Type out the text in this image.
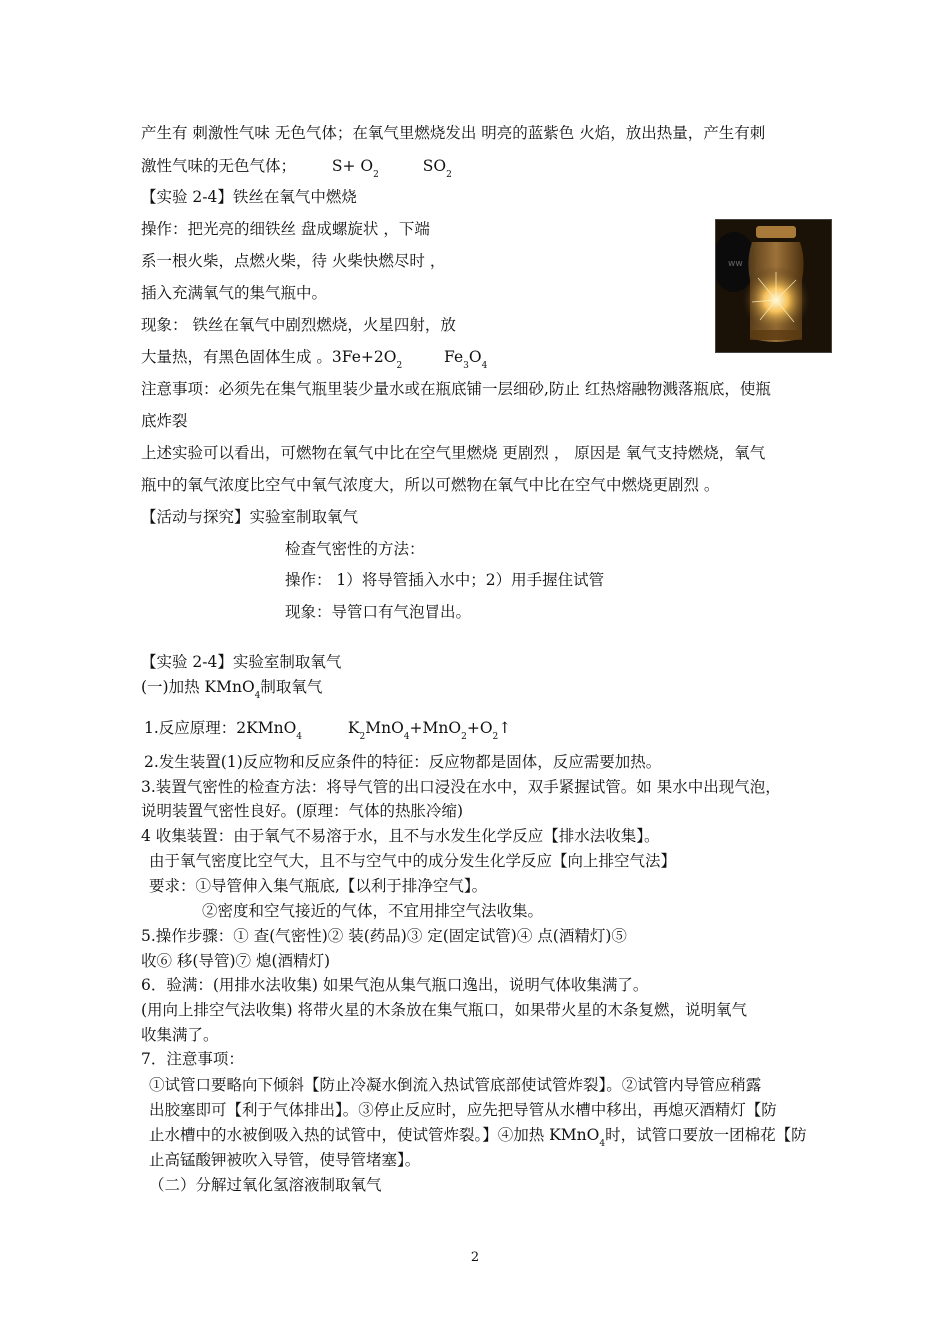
产生有 刺激性气味 无色气体；在氧气里燃烧发出 明亮的蓝紫色 火焰，放出热量，产生有刺
激性气味的无色气体； $S+ O_2$	$SO_2$
【实验 2-4】铁丝在氧气中燃烧
操作：把光亮的细铁丝 盘成螺旋状 ，下端
系一根火柴，点燃火柴，待 火柴快燃尽时 ，
插入充满氧气的集气瓶中。
现象： 铁丝在氧气中剧烈燃烧，火星四射，放
大量热，有黑色固体生成 。$3Fe+2O_2$	$Fe_3O_4$
ww
注意事项：必须先在集气瓶里装少量水或在瓶底铺一层细砂,防止 红热熔融物溅落瓶底，使瓶
底炸裂
上述实验可以看出，可燃物在氧气中比在空气里燃烧 更剧烈 ， 原因是 氧气支持燃烧，氧气
瓶中的氧气浓度比空气中氧气浓度大，所以可燃物在氧气中比在空气中燃烧更剧烈 。
【活动与探究】实验室制取氧气
检查气密性的方法：
操作： 1）将导管插入水中；2）用手握住试管
现象：导管口有气泡冒出。
【实验 2-4】实验室制取氧气
(一)加热 KMnO$_4$制取氧气
1.反应原理：2KMnO$_4$	$K_2MnO_4+MnO_2+O_2↑$
2.发生装置(1)反应物和反应条件的特征：反应物都是固体，反应需要加热。
3.装置气密性的检查方法：将导气管的出口浸没在水中，双手紧握试管。如 果水中出现气泡，
说明装置气密性良好。(原理：气体的热胀冷缩)
4 收集装置：由于氧气不易溶于水，且不与水发生化学反应【排水法收集】。
由于氧气密度比空气大，且不与空气中的成分发生化学反应【向上排空气法】
要求：①导管伸入集气瓶底,【以利于排净空气】。
②密度和空气接近的气体，不宜用排空气法收集。
5.操作步骤：① 查(气密性)② 装(药品)③ 定(固定试管)④ 点(酒精灯)⑤
收⑥ 移(导管)⑦ 熄(酒精灯)
6．验满：(用排水法收集) 如果气泡从集气瓶口逸出，说明气体收集满了。
(用向上排空气法收集) 将带火星的木条放在集气瓶口，如果带火星的木条复燃，说明氧气
收集满了。
7．注意事项：
①试管口要略向下倾斜【防止冷凝水倒流入热试管底部使试管炸裂】。②试管内导管应稍露
出胶塞即可【利于气体排出】。③停止反应时，应先把导管从水槽中移出，再熄灭酒精灯【防
止水槽中的水被倒吸入热的试管中，使试管炸裂。】④加热 KMnO$_4$时，试管口要放一团棉花【防
止高锰酸钾被吹入导管，使导管堵塞】。
（二）分解过氧化氢溶液制取氧气
2
